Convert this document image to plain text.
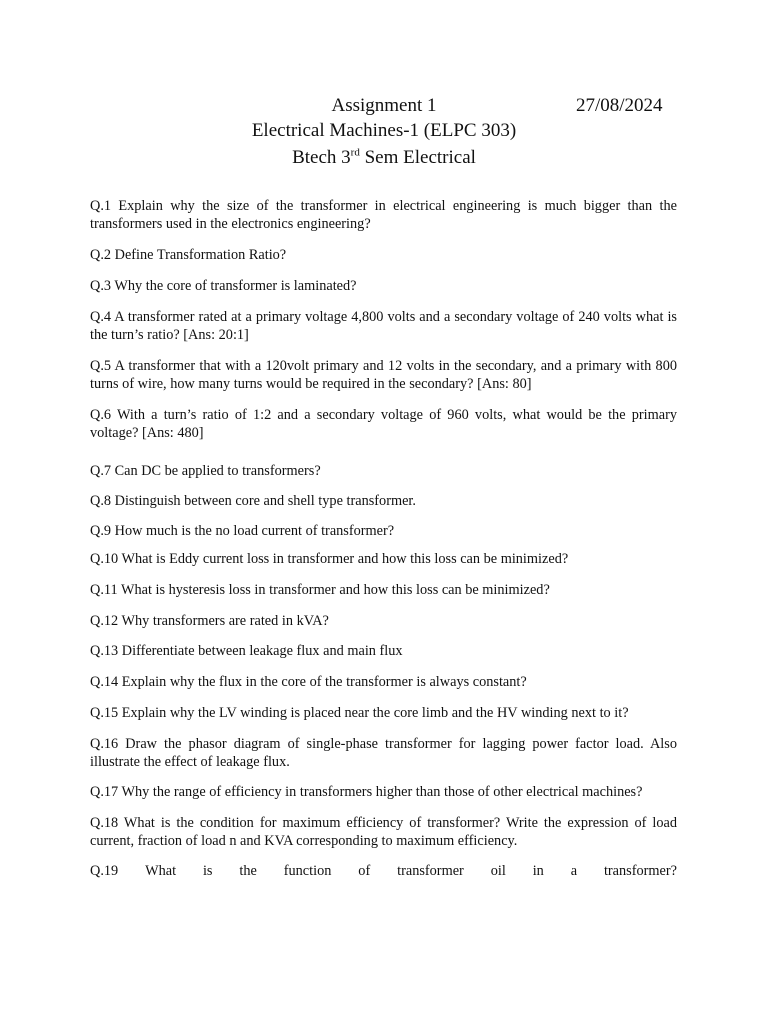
Assignment 1	27/08/2024
Electrical Machines-1 (ELPC 303)
Btech 3rd Sem Electrical
Q.1 Explain why the size of the transformer in electrical engineering is much bigger than the transformers used in the electronics engineering?
Q.2 Define Transformation Ratio?
Q.3 Why the core of transformer is laminated?
Q.4 A transformer rated at a primary voltage 4,800 volts and a secondary voltage of 240 volts what is the turn’s ratio? [Ans: 20:1]
Q.5 A transformer that with a 120volt primary and 12 volts in the secondary, and a primary with 800 turns of wire, how many turns would be required in the secondary? [Ans: 80]
Q.6 With a turn’s ratio of 1:2 and a secondary voltage of 960 volts, what would be the primary voltage? [Ans: 480]
Q.7 Can DC be applied to transformers?
Q.8 Distinguish between core and shell type transformer.
Q.9 How much is the no load current of transformer?
Q.10 What is Eddy current loss in transformer and how this loss can be minimized?
Q.11 What is hysteresis loss in transformer and how this loss can be minimized?
Q.12 Why transformers are rated in kVA?
Q.13 Differentiate between leakage flux and main flux
Q.14 Explain why the flux in the core of the transformer is always constant?
Q.15 Explain why the LV winding is placed near the core limb and the HV winding next to it?
Q.16 Draw the phasor diagram of single-phase transformer for lagging power factor load. Also illustrate the effect of leakage flux.
Q.17 Why the range of efficiency in transformers higher than those of other electrical machines?
Q.18 What is the condition for maximum efficiency of transformer? Write the expression of load current, fraction of load n and KVA corresponding to maximum efficiency.
Q.19 What is the function of transformer oil in a transformer?
